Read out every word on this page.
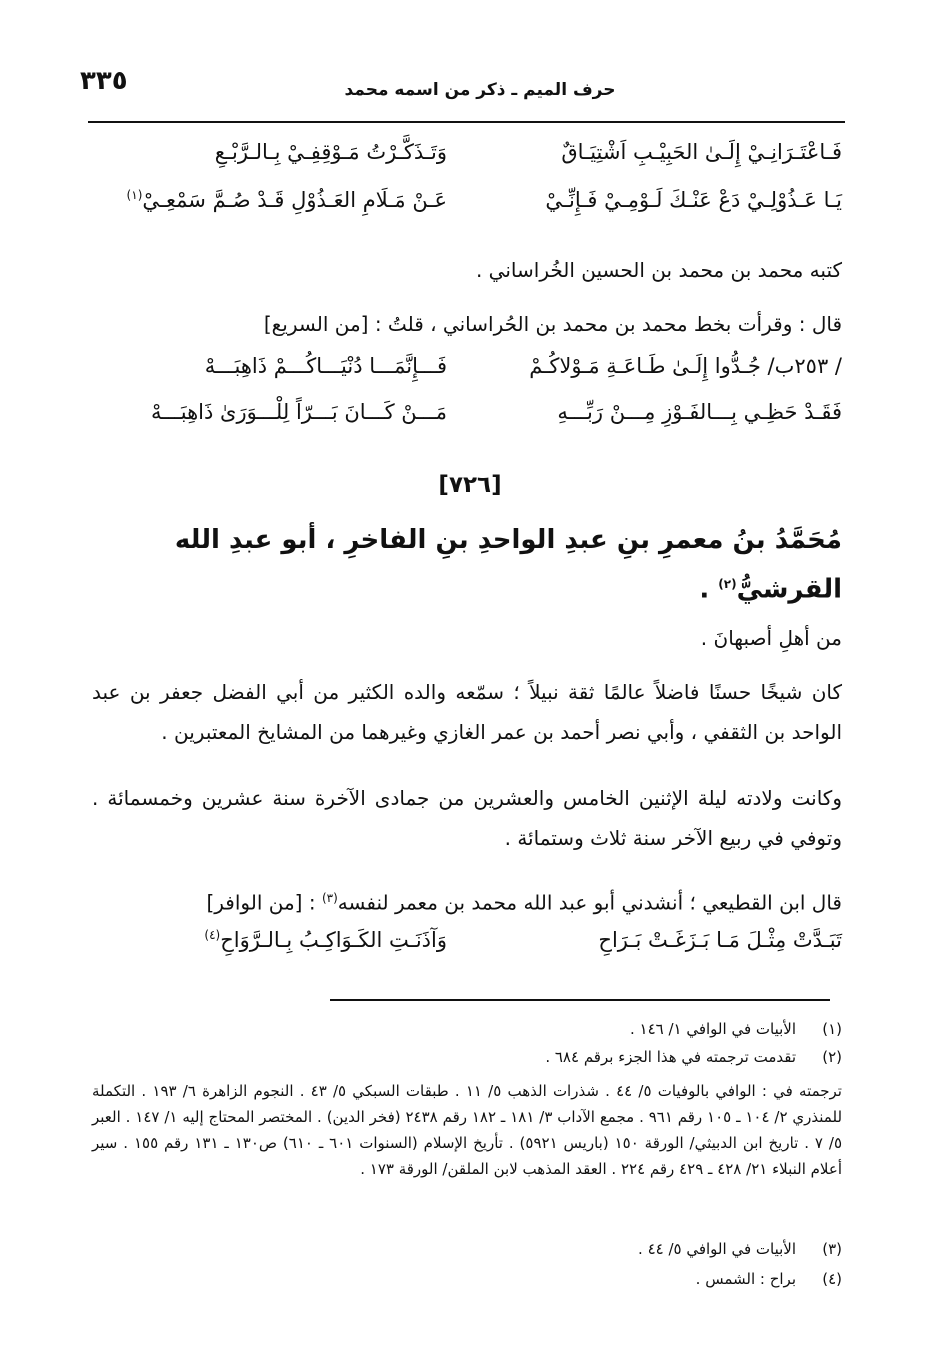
٣٣٥	حرف الميم ـ ذكر من اسمه محمد
فَـاعْتَـرَانِـيْ إِلَـىٰ الحَبِيْـبِ اَشْتِيَـاقٌ
وَتَـذَكَّـرْتُ مَـوْقِفِـيْ بِـالـرَّبْـعِ
يَـا عَـذُوْلِـيْ دَعْ عَنْـكَ لَـوْمِـيْ فَـإِنِّـيْ
عَـنْ مَـلَامِ العَـذُوْلِ قَـدْ صُـمَّ سَمْعِـيْ$^{(١)}$
كتبه محمد بن محمد بن الحسين الخُراساني .
قال : وقرأت بخط محمد بن محمد بن الحُراساني ، قلتُ : [من السريع]
/ ٢٥٣ب/ جُـدُّوا إِلَـىٰ طَـاعَـةِ مَـوْلاكُـمْ
فَـــإِنَّمَـــا دُنْيَـــاكُـــمْ ذَاهِبَـــهْ
فَقَـدْ حَظِـي بِـــالفَـوْزِ مِـــنْ رَبِّـــهِ
مَـــنْ كَـــانَ بَـــرّاً لِلْـــوَرَىٰ ذَاهِبَـــهْ
[٧٢٦]
مُحَمَّدُ بنُ معمرِ بنِ عبدِ الواحدِ بنِ الفاخرِ ، أبو عبدِ الله القرشيُّ$^{(٢)}$ .
من أهلِ أصبهانَ .
كان شيخًا حسنًا فاضلاً عالمًا ثقة نبيلاً ؛ سمّعه والده الكثير من أبي الفضل جعفر بن عبد الواحد بن الثقفي ، وأبي نصر أحمد بن عمر الغازي وغيرهما من المشايخ المعتبرين .
وكانت ولادته ليلة الإثنين الخامس والعشرين من جمادى الآخرة سنة عشرين وخمسمائة . وتوفي في ربيع الآخر سنة ثلاث وستمائة .
قال ابن القطيعي ؛ أنشدني أبو عبد الله محمد بن معمر لنفسه$^{(٣)}$ : [من الوافر]
تَبَـدَّتْ مِثْـلَ مَـا بَـزَغَـتْ بَـرَاحِ
وَآذَنَـتِ الكَـوَاكِـبُ بِـالـرَّوَاحِ$^{(٤)}$
(١)الأبيات في الوافي ١/ ١٤٦ .
(٢)تقدمت ترجمته في هذا الجزء برقم ٦٨٤ .
ترجمته في : الوافي بالوفيات ٥/ ٤٤ . شذرات الذهب ٥/ ١١ . طبقات السبكي ٥/ ٤٣ . النجوم الزاهرة ٦/ ١٩٣ . التكملة للمنذري ٢/ ١٠٤ ـ ١٠٥ رقم ٩٦١ . مجمع الآداب ٣/ ١٨١ ـ ١٨٢ رقم ٢٤٣٨ (فخر الدين) . المختصر المحتاج إليه ١/ ١٤٧ . العبر ٥/ ٧ . تاريخ ابن الدبيثي/ الورقة ١٥٠ (باريس ٥٩٢١) . تأريخ الإسلام (السنوات ٦٠١ ـ ٦١٠) ص١٣٠ ـ ١٣١ رقم ١٥٥ . سير أعلام النبلاء ٢١/ ٤٢٨ ـ ٤٢٩ رقم ٢٢٤ . العقد المذهب لابن الملقن/ الورقة ١٧٣ .
(٣)الأبيات في الوافي ٥/ ٤٤ .
(٤)براح : الشمس .
